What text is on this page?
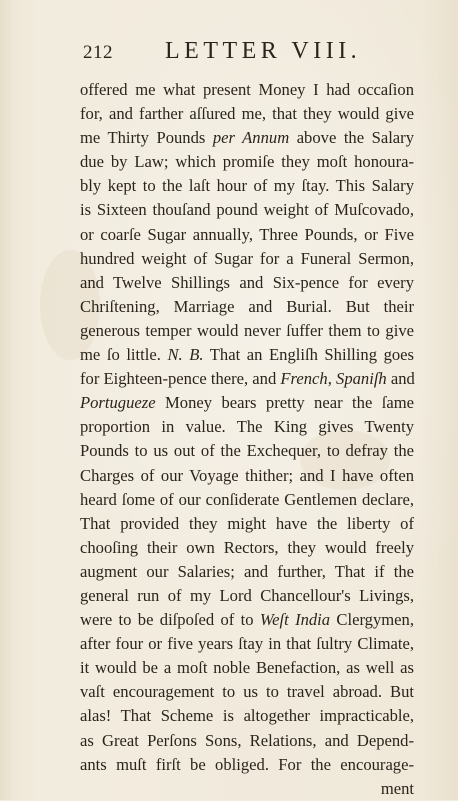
212 LETTER VIII.
offered me what present Money I had occaſion
for, and farther aſſured me, that they would give
me Thirty Pounds per Annum above the Salary
due by Law; which promiſe they moſt honoura-
bly kept to the laſt hour of my ſtay. This Salary
is Sixteen thouſand pound weight of Muſcovado,
or coarſe Sugar annually, Three Pounds, or Five
hundred weight of Sugar for a Funeral Sermon,
and Twelve Shillings and Six-pence for every
Chriſtening, Marriage and Burial. But their
generous temper would never ſuffer them to give
me ſo little. N. B. That an Engliſh Shilling goes
for Eighteen-pence there, and French, Spaniſh and
Portugueze Money bears pretty near the ſame
proportion in value. The King gives Twenty
Pounds to us out of the Exchequer, to defray the
Charges of our Voyage thither; and I have often
heard ſome of our conſiderate Gentlemen declare,
That provided they might have the liberty of
chooſing their own Rectors, they would freely
augment our Salaries; and further, That if the
general run of my Lord Chancellour's Livings,
were to be diſpoſed of to Weſt India Clergymen,
after four or five years ſtay in that ſultry Climate,
it would be a moſt noble Benefaction, as well as
vaſt encouragement to us to travel abroad. But
alas! That Scheme is altogether impracticable,
as Great Perſons Sons, Relations, and Depend-
ants muſt firſt be obliged. For the encourage-
ment
